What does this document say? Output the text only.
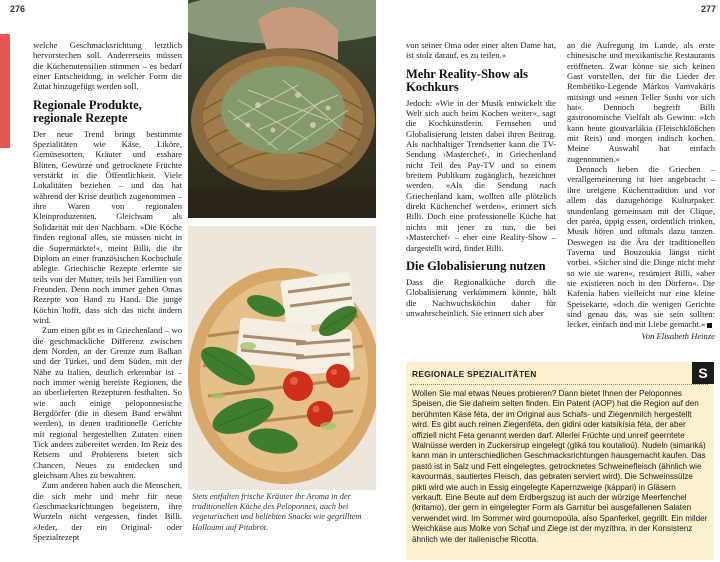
276	277

welche Geschmacksrichtung letztlich hervorstechen soll. Andererseits müssen die Küchenutensilien stimmen – es bedarf einer Entscheidung, in welcher Form die Zutat hinzugefügt werden soll.

Regionale Produkte, regionale Rezepte

Der neue Trend bringt bestimmte Spezialitäten wie Käse, Liköre, Gemüsesorten, Kräuter und essbare Blüten, Gewürze und getrocknete Früchte verstärkt in die Öffentlichkeit. Viele Lokalitäten beziehen – und das hat während der Krise deutlich zugenommen – ihre Waren von regionalen Kleinproduzenten. Gleichsam als Solidarität mit den Nachbarn. »Die Köche finden regional alles, sie müssen nicht in die Supermärkte!«, meint Billi, die ihr Diplom an einer französischen Kochschule ablegte. Griechische Rezepte erlernte sie teils von der Mutter, teils bei Familien von Freunden. Denn noch immer gehen Omas Rezepte von Hand zu Hand. Die junge Köchin hofft, dass sich das nicht ändern wird.

Zum einen gibt es in Griechenland – wo die geschmackliche Differenz zwischen dem Norden, an der Grenze zum Balkan und der Türkei, und dem Süden, mit der Nähe zu Italien, deutlich erkennbar ist – noch immer wenig bereiste Regionen, die an überlieferten Rezepturen festhalten. So wie auch einige peloponnesische Bergdörfer (die in diesem Band erwähnt werden), in denen traditionelle Gerichte mit regional hergestellten Zutaten einen Tick anders zubereitet werden. Im Reiz des Reisens und Probierens bieten sich Chancen, Neues zu entdecken und gleichsam Altes zu bewahren.

Zum anderen haben auch die Menschen, die sich mehr und mehr für neue Geschmacksrichtungen begeistern, ihre Wurzeln nicht vergessen, findet Billi. »Jeder, der ein Original- oder Spezialrezept

Stets entfalten frische Kräuter ihr Aroma in der traditionellen Küche des Peloponnes, auch bei vegetarischen und beliebten Snacks wie gegrilltem Halloumi auf Pitabrot.

von seiner Oma oder einer alten Dame hat, ist stolz darauf, es zu teilen.«

Mehr Reality-Show als Kochkurs

Jedoch: »Wie in der Musik entwickelt die Welt sich auch beim Kochen weiter«, sagt die Kochkünstlerin. Fernsehen und Globalisierung leisten dabei ihren Beitrag. Als nachhaltiger Trendsetter kann die TV-Sendung ›Masterchef‹, in Griechenland nicht Teil des Pay-TV und so einem breitem Publikum zugänglich, bezeichnet werden. »Als die Sendung nach Griechenland kam, wollten alle plötzlich direkt Küchenchef werden«, erinnert sich Billi. Doch eine professionelle Küche hat nichts mit jener zu tun, die bei ›Masterchef‹ – eher eine Reality-Show – dargestellt wird, findet Billi.

Die Globalisierung nutzen

Dass die Regionalküche durch die Globalisierung verkümmern könnte, hält die Nachwuchsköchin daher für unwahrscheinlich. Sie erinnert sich aber

an die Aufregung im Lande, als erste chinesische und mexikanische Restaurants eröffneten. Zwar könne sie sich keinen Gast vorstellen, der für die Lieder der Rembétiko-Legende Márkos Vamvakáris mitsingt und »einen Teller Sushi vor sich hat«. Dennoch begreift Billi gastronomische Vielfalt als Gewinn: »Ich kann heute giouvarlákia (Fleischklößchen mit Reis) und morgen indisch kochen. Meine Auswahl hat einfach zugenommen.«

Dennoch lieben die Griechen – verallgemeinerung ist hier angebracht – ihre ureigene Küchentradition und vor allem das dazugehörige Kulturpaket: stundenlang gemeinsam mit der Clique, der paréa, üppig essen, ordentlich trinken, Musik hören und oftmals dazu tanzen. Deswegen ist die Ära der traditionellen Taverna und Bouzoukia längst nicht vorbei. »Sicher sind die Dinge nicht mehr so wie sie waren«, resümiert Billi, »aber sie existieren noch in den Dörfern«. Die Kafenía haben vielleicht nur eine kleine Speisekarte, »doch die wenigen Gerichte sind genau das, was sie sein sollten: lecker, einfach und mit Liebe gemacht.«

Von Elisabeth Heinze
REGIONALE SPEZIALITÄTEN	S
Wollen Sie mal etwas Neues probieren? Dann bietet Ihnen der Peloponnes Speisen, die Sie daheim selten finden. Ein Patent (AOP) hat die Region auf den berühmten Käse féta, der im Original aus Schafs- und Ziegenmilch hergestellt wird. Es gibt auch reinen Ziegenféta, den gidini oder katsikísia féta, der aber offiziell nicht Feta genannt werden darf. Allerlei Früchte und unreif geerntete Walnüsse werden in Zuckersirup eingelegt (gliká tou koutalioú). Nudeln (simariká) kann man in unterschiedlichen Geschmacksrichtungen hausgemacht kaufen. Das pastó ist in Salz und Fett eingelegtes, getrocknetes Schweinefleisch (ähnlich wie kavourmás, sautiertes Fleisch, das gebraten serviert wird). Die Schweinssülze pikti wird wie auch in Essig eingelegte Kapernzweige (káppari) in Gläsern verkauft. Eine Beute auf dem Erdbergszug ist auch der würzige Meerfenchel (kritamo), der gern in eingelegter Form als Garnitur bei ausgefallenen Salaten verwendet wird. Im Sommer wird gournopoúla, also Spanferkel, gegrillt. Ein milder Weichkäse aus Molke von Schaf und Ziege ist der myzíthra, in der Konsistenz ähnlich wie der italienische Ricotta.
